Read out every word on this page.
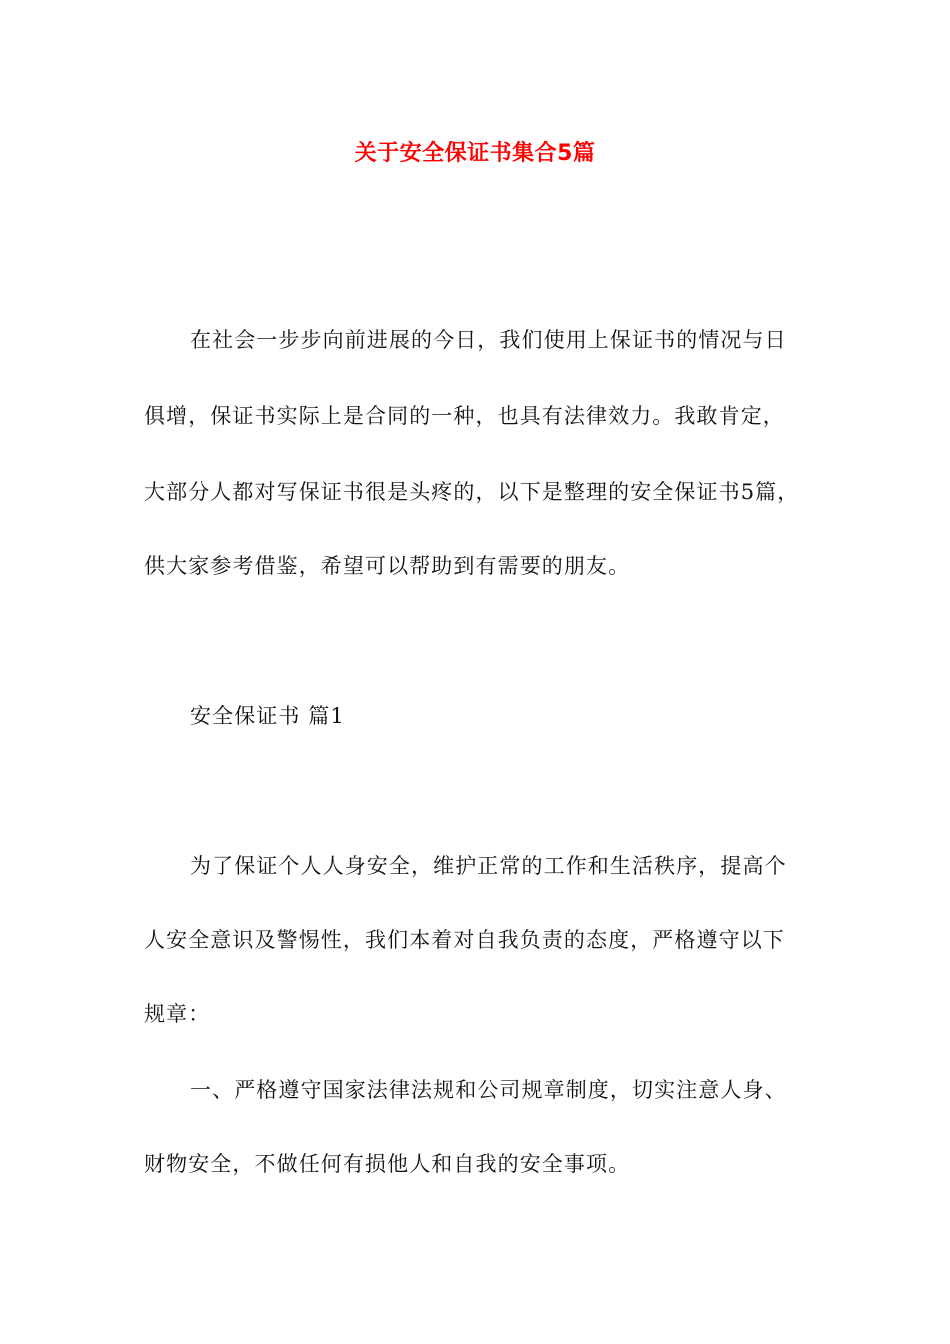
关于安全保证书集合5篇
在社会一步步向前进展的今日，我们使用上保证书的情况与日
俱增，保证书实际上是合同的一种，也具有法律效力。我敢肯定，
大部分人都对写保证书很是头疼的，以下是整理的安全保证书5篇，
供大家参考借鉴，希望可以帮助到有需要的朋友。
安全保证书 篇1
为了保证个人人身安全，维护正常的工作和生活秩序，提高个
人安全意识及警惕性，我们本着对自我负责的态度，严格遵守以下
规章：
一、严格遵守国家法律法规和公司规章制度，切实注意人身、
财物安全，不做任何有损他人和自我的安全事项。
